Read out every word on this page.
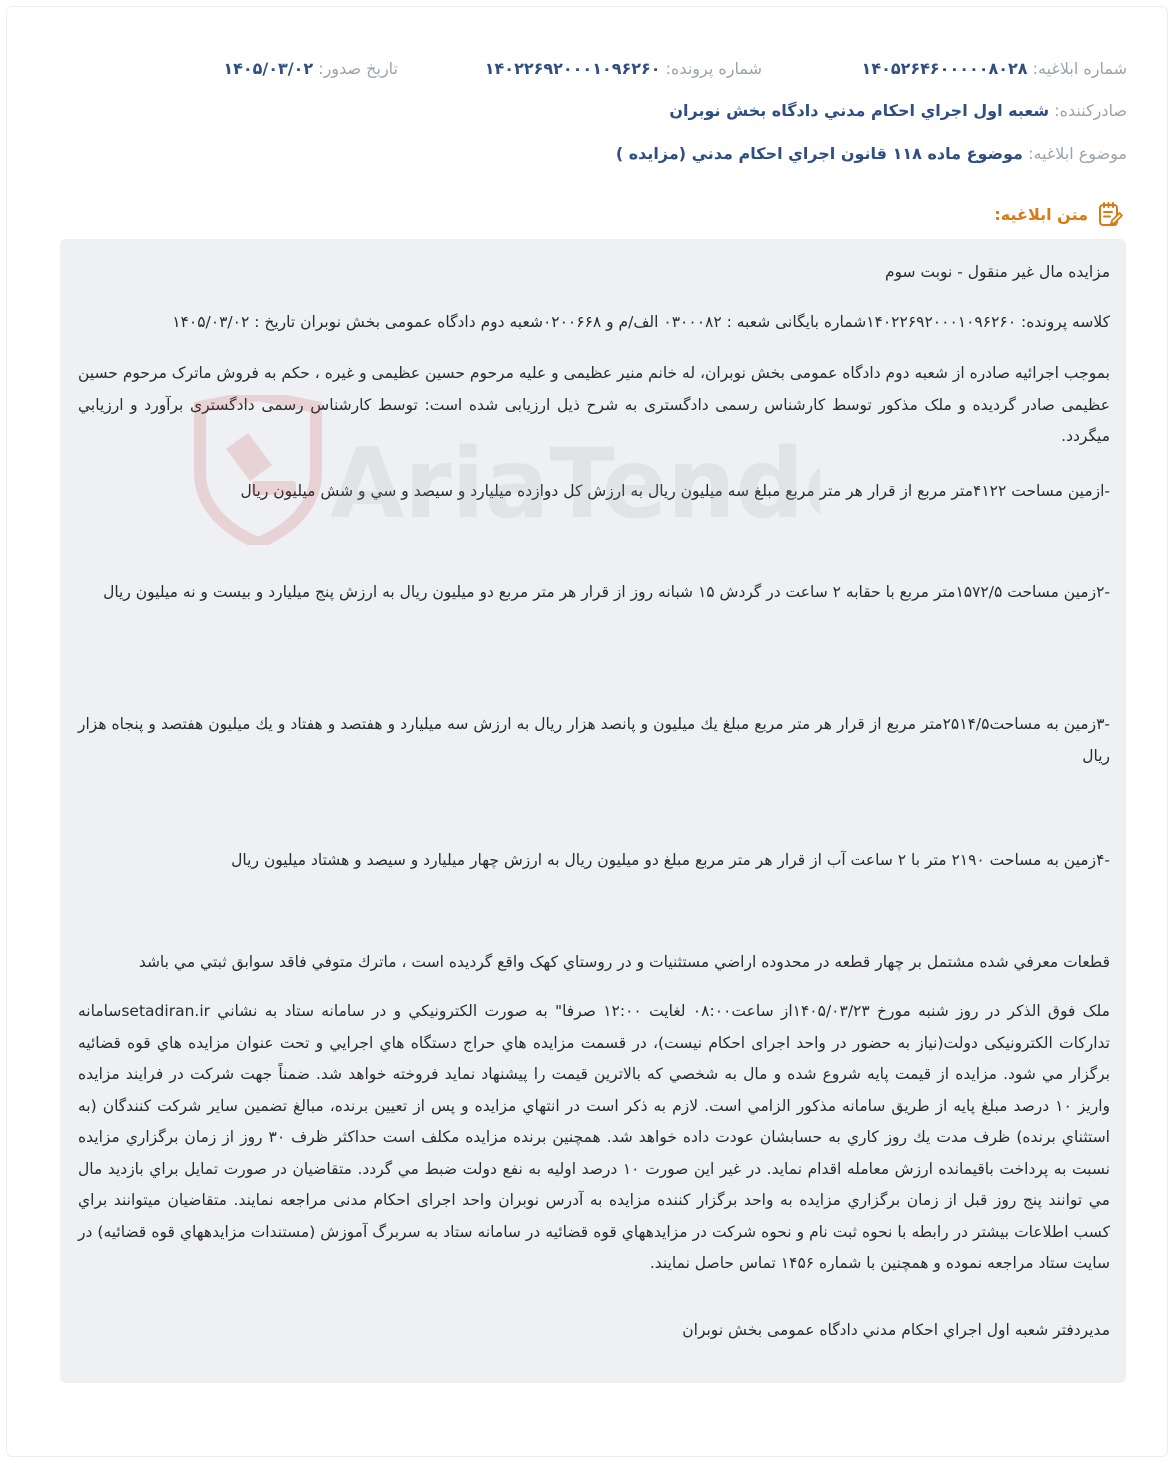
شماره ابلاغیه: ۱۴۰۵۲۶۴۶۰۰۰۰۰۸۰۲۸
شماره پرونده: ۱۴۰۲۲۶۹۲۰۰۰۱۰۹۶۲۶۰
تاریخ صدور: ۱۴۰۵/۰۳/۰۲
صادرکننده: شعبه اول اجراي احكام مدني دادگاه بخش نوبران
موضوع ابلاغیه: موضوع ماده ۱۱۸ قانون اجراي احكام مدني (مزايده )
متن ابلاغیه:

مزایده مال غیر منقول - نوبت سوم

کلاسه پرونده: ۱۴۰۲۲۶۹۲۰۰۰۱۰۹۶۲۶۰شماره بایگانی شعبه : ۰۳۰۰۰۸۲ الف/م و ۰۲۰۰۶۶۸شعبه دوم دادگاه عمومی بخش نوبران تاریخ : ۱۴۰۵/۰۳/۰۲

بموجب اجرائیه صادره از شعبه دوم دادگاه عمومی بخش نوبران، له خانم منیر عظیمی و علیه مرحوم حسین عظیمی و غیره ، حکم به فروش ماترک مرحوم حسین عظیمی صادر گردیده و ملک مذکور توسط کارشناس رسمی دادگستری به شرح ذیل ارزیابی شده است: توسط کارشناس رسمی دادگستری برآورد و ارزیابي میگردد.

-ازمین مساحت ۴۱۲۲متر مربع از قرار هر متر مربع مبلغ سه میلیون ریال به ارزش کل دوازده میلیارد و سیصد و سي و شش میلیون ریال

-۲زمین مساحت ۱۵۷۲/۵متر مربع با حقابه ۲ ساعت در گردش ۱۵ شبانه روز از قرار هر متر مربع دو میلیون ریال به ارزش پنج میلیارد و بیست و نه میلیون ریال

-۳زمین به مساحت۲۵۱۴/۵متر مربع از قرار هر متر مربع مبلغ یك میلیون و پانصد هزار ریال به ارزش سه میلیارد و هفتصد و هفتاد و یك میلیون هفتصد و پنجاه هزار ریال

-۴زمین به مساحت ۲۱۹۰ متر با ۲ ساعت آب از قرار هر متر مربع مبلغ دو میلیون ریال به ارزش چهار میلیارد و سیصد و هشتاد میلیون ریال

قطعات معرفي شده مشتمل بر چهار قطعه در محدوده اراضي مستثنیات و در روستاي کهک واقع گردیده است ، ماترك متوفي فاقد سوابق ثبتي مي باشد

ملک فوق الذکر در روز شنبه مورخ ۱۴۰۵/۰۳/۲۳از ساعت۰۸:۰۰ لغایت ۱۲:۰۰ صرفا" به صورت الكترونیكي و در سامانه ستاد به نشاني setadiran.irسامانه تدارکات الکترونیکی دولت(نیاز به حضور در واحد اجرای احکام نیست)، در قسمت مزايده هاي حراج دستگاه هاي اجرايي و تحت عنوان مزايده هاي قوه قضائیه برگزار مي شود. مزايده از قیمت پايه شروع شده و مال به شخصي که بالاترين قیمت را پیشنهاد نمايد فروخته خواهد شد. ضمناً جهت شرکت در فرايند مزايده واريز ۱۰ درصد مبلغ پايه از طريق سامانه مذکور الزامي است. لازم به ذکر است در انتهاي مزايده و پس از تعیین برنده، مبالغ تضمین ساير شرکت کنندگان (به استثناي برنده) ظرف مدت يك روز کاري به حسابشان عودت داده خواهد شد. همچنین برنده مزايده مكلف است حداکثر ظرف ۳۰ روز از زمان برگزاري مزايده نسبت به پرداخت باقیمانده ارزش معامله اقدام نمايد. در غیر اين صورت ۱۰ درصد اولیه به نفع دولت ضبط مي گردد. متقاضیان در صورت تمايل براي بازديد مال مي توانند پنج روز قبل از زمان برگزاري مزايده به واحد برگزار کننده مزايده به آدرس نوبران واحد اجرای احکام مدنی مراجعه نمايند. متقاضیان میتوانند براي کسب اطلاعات بیشتر در رابطه با نحوه ثبت نام و نحوه شرکت در مزايدههاي قوه قضائیه در سامانه ستاد به سربرگ آموزش (مستندات مزايدههاي قوه قضائیه) در سايت ستاد مراجعه نموده و همچنین با شماره ۱۴۵۶ تماس حاصل نمايند.

مدیردفتر شعبه اول اجراي احكام مدني دادگاه عمومی بخش نوبران
